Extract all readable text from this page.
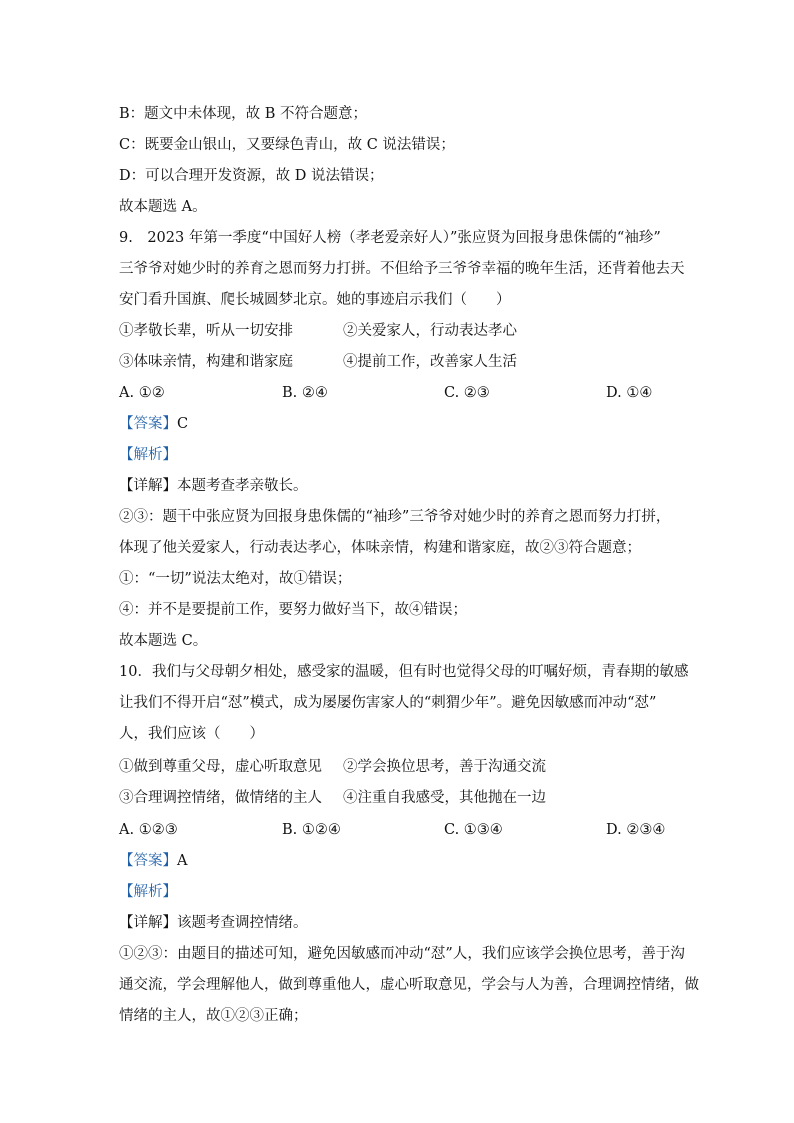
B：题文中未体现，故 B 不符合题意；
C：既要金山银山，又要绿色青山，故 C 说法错误；
D：可以合理开发资源，故 D 说法错误；
故本题选 A。
9.　2023 年第一季度“中国好人榜（孝老爱亲好人）”张应贤为回报身患侏儒的“袖珍”
三爷爷对她少时的养育之恩而努力打拼。不但给予三爷爷幸福的晚年生活，还背着他去天
安门看升国旗、爬长城圆梦北京。她的事迹启示我们（　　）
①孝敬长辈，听从一切安排	②关爱家人，行动表达孝心
③体味亲情，构建和谐家庭	④提前工作，改善家人生活
A. ①②	B. ②④	C. ②③	D. ①④
【答案】C
【解析】
【详解】本题考查孝亲敬长。
②③：题干中张应贤为回报身患侏儒的“袖珍”三爷爷对她少时的养育之恩而努力打拼，
体现了他关爱家人，行动表达孝心，体味亲情，构建和谐家庭，故②③符合题意；
①：“一切”说法太绝对，故①错误；
④：并不是要提前工作，要努力做好当下，故④错误；
故本题选 C。
10．我们与父母朝夕相处，感受家的温暖，但有时也觉得父母的叮嘱好烦，青春期的敏感
让我们不得开启“怼”模式，成为屡屡伤害家人的“刺猬少年”。避免因敏感而冲动“怼”
人，我们应该（　　）
①做到尊重父母，虚心听取意见 ②学会换位思考，善于沟通交流
③合理调控情绪，做情绪的主人 ④注重自我感受，其他抛在一边
A. ①②③	B. ①②④	C. ①③④	D. ②③④
【答案】A
【解析】
【详解】该题考查调控情绪。
①②③：由题目的描述可知，避免因敏感而冲动“怼”人，我们应该学会换位思考，善于沟
通交流，学会理解他人，做到尊重他人，虚心听取意见，学会与人为善，合理调控情绪，做
情绪的主人，故①②③正确；
